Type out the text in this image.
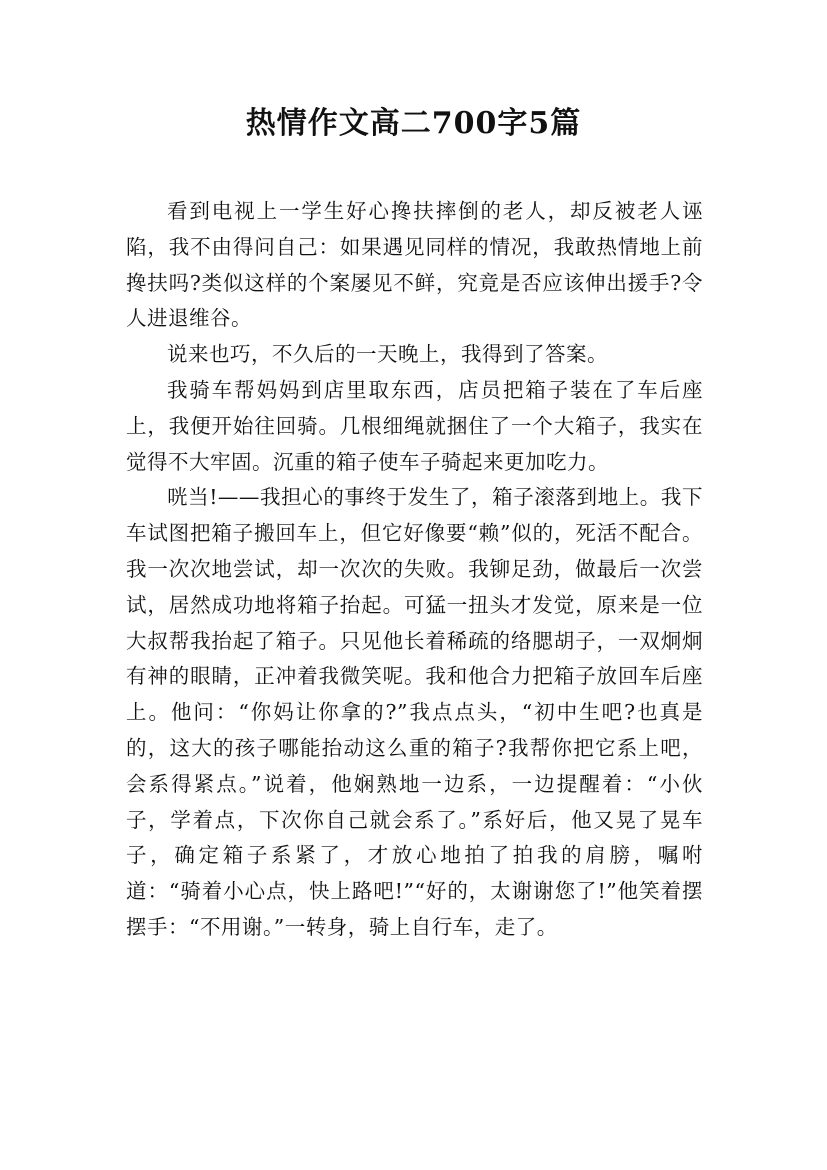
热情作文高二700字5篇

看到电视上一学生好心搀扶摔倒的老人，却反被老人诬陷，我不由得问自己：如果遇见同样的情况，我敢热情地上前搀扶吗?类似这样的个案屡见不鲜，究竟是否应该伸出援手?令人进退维谷。

说来也巧，不久后的一天晚上，我得到了答案。

我骑车帮妈妈到店里取东西，店员把箱子装在了车后座上，我便开始往回骑。几根细绳就捆住了一个大箱子，我实在觉得不大牢固。沉重的箱子使车子骑起来更加吃力。

咣当!——我担心的事终于发生了，箱子滚落到地上。我下车试图把箱子搬回车上，但它好像要“赖”似的，死活不配合。我一次次地尝试，却一次次的失败。我铆足劲，做最后一次尝试，居然成功地将箱子抬起。可猛一扭头才发觉，原来是一位大叔帮我抬起了箱子。只见他长着稀疏的络腮胡子，一双炯炯有神的眼睛，正冲着我微笑呢。我和他合力把箱子放回车后座上。他问：“你妈让你拿的?”我点点头，“初中生吧?也真是的，这大的孩子哪能抬动这么重的箱子?我帮你把它系上吧，会系得紧点。”说着，他娴熟地一边系，一边提醒着：“小伙子，学着点，下次你自己就会系了。”系好后，他又晃了晃车子，确定箱子系紧了，才放心地拍了拍我的肩膀，嘱咐道：“骑着小心点，快上路吧!”“好的，太谢谢您了!”他笑着摆摆手：“不用谢。”一转身，骑上自行车，走了。
